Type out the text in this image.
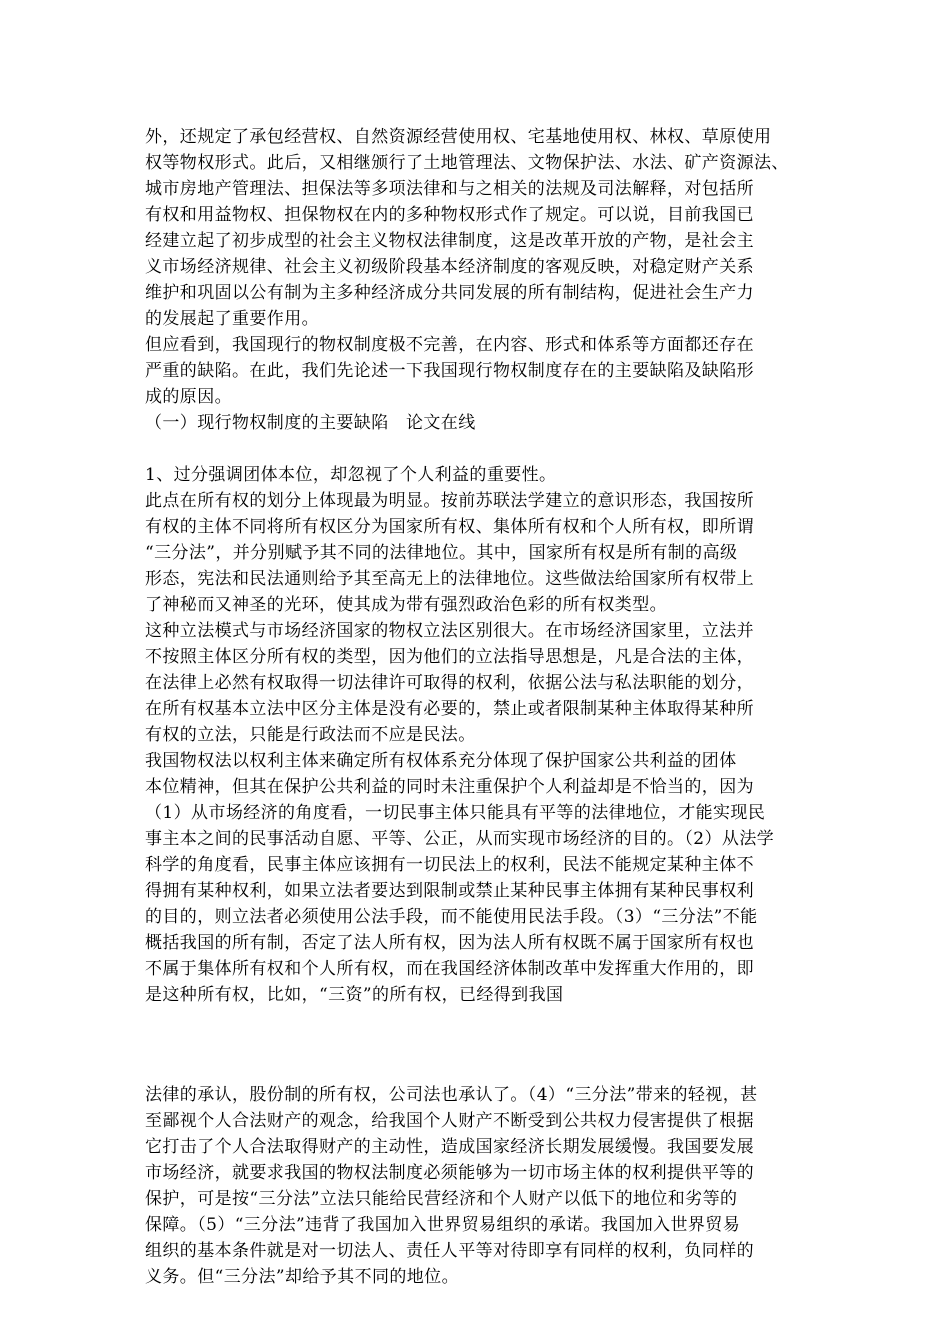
外，还规定了承包经营权、自然资源经营使用权、宅基地使用权、林权、草原使用
权等物权形式。此后，又相继颁行了土地管理法、文物保护法、水法、矿产资源法、
城市房地产管理法、担保法等多项法律和与之相关的法规及司法解释，对包括所
有权和用益物权、担保物权在内的多种物权形式作了规定。可以说，目前我国已
经建立起了初步成型的社会主义物权法律制度，这是改革开放的产物，是社会主
义市场经济规律、社会主义初级阶段基本经济制度的客观反映，对稳定财产关系
维护和巩固以公有制为主多种经济成分共同发展的所有制结构，促进社会生产力
的发展起了重要作用。
但应看到，我国现行的物权制度极不完善，在内容、形式和体系等方面都还存在
严重的缺陷。在此，我们先论述一下我国现行物权制度存在的主要缺陷及缺陷形
成的原因。
（一）现行物权制度的主要缺陷　论文在线
1、过分强调团体本位，却忽视了个人利益的重要性。
此点在所有权的划分上体现最为明显。按前苏联法学建立的意识形态，我国按所
有权的主体不同将所有权区分为国家所有权、集体所有权和个人所有权，即所谓
“三分法”，并分别赋予其不同的法律地位。其中，国家所有权是所有制的高级
形态，宪法和民法通则给予其至高无上的法律地位。这些做法给国家所有权带上
了神秘而又神圣的光环，使其成为带有强烈政治色彩的所有权类型。
这种立法模式与市场经济国家的物权立法区别很大。在市场经济国家里，立法并
不按照主体区分所有权的类型，因为他们的立法指导思想是，凡是合法的主体，
在法律上必然有权取得一切法律许可取得的权利，依据公法与私法职能的划分，
在所有权基本立法中区分主体是没有必要的，禁止或者限制某种主体取得某种所
有权的立法，只能是行政法而不应是民法。
我国物权法以权利主体来确定所有权体系充分体现了保护国家公共利益的团体
本位精神，但其在保护公共利益的同时未注重保护个人利益却是不恰当的，因为
（1）从市场经济的角度看，一切民事主体只能具有平等的法律地位，才能实现民
事主本之间的民事活动自愿、平等、公正，从而实现市场经济的目的。（2）从法学
科学的角度看，民事主体应该拥有一切民法上的权利，民法不能规定某种主体不
得拥有某种权利，如果立法者要达到限制或禁止某种民事主体拥有某种民事权利
的目的，则立法者必须使用公法手段，而不能使用民法手段。（3）“三分法”不能
概括我国的所有制，否定了法人所有权，因为法人所有权既不属于国家所有权也
不属于集体所有权和个人所有权，而在我国经济体制改革中发挥重大作用的，即
是这种所有权，比如，“三资”的所有权，已经得到我国
法律的承认，股份制的所有权，公司法也承认了。（4）“三分法”带来的轻视，甚
至鄙视个人合法财产的观念，给我国个人财产不断受到公共权力侵害提供了根据
它打击了个人合法取得财产的主动性，造成国家经济长期发展缓慢。我国要发展
市场经济，就要求我国的物权法制度必须能够为一切市场主体的权利提供平等的
保护，可是按“三分法”立法只能给民营经济和个人财产以低下的地位和劣等的
保障。（5）“三分法”违背了我国加入世界贸易组织的承诺。我国加入世界贸易
组织的基本条件就是对一切法人、责任人平等对待即享有同样的权利，负同样的
义务。但“三分法”却给予其不同的地位。
